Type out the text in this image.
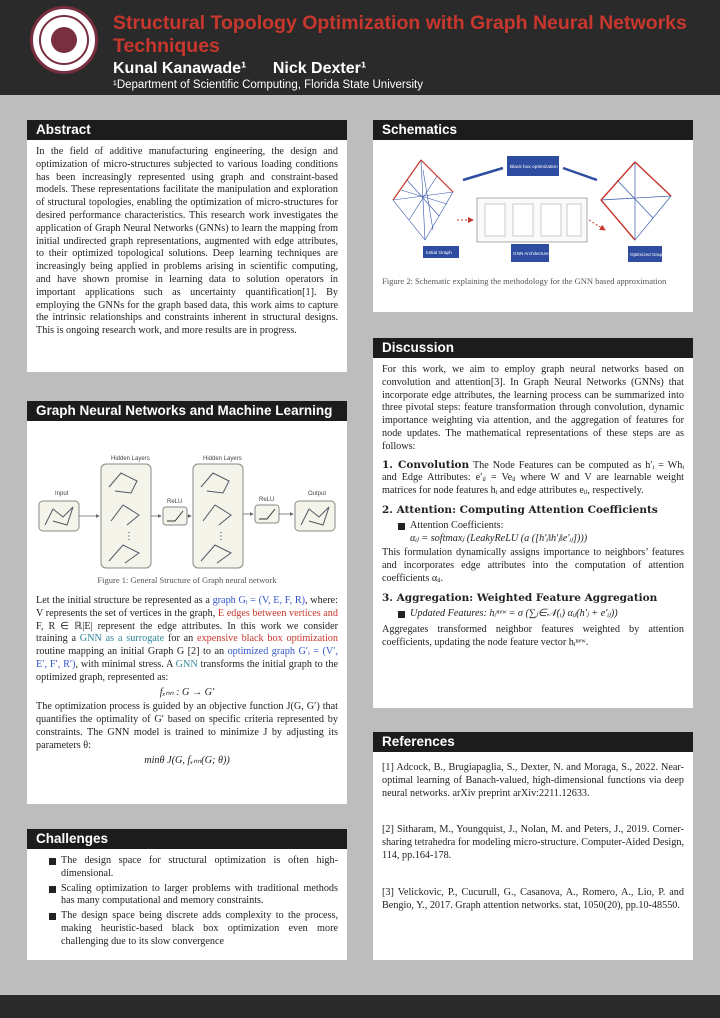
Structural Topology Optimization with Graph Neural Networks Techniques
Kunal Kanawade¹ Nick Dexter¹
¹Department of Scientific Computing, Florida State University
Abstract
In the field of additive manufacturing engineering, the design and optimization of micro-structures subjected to various loading conditions has been increasingly represented using graph and constraint-based models. These representations facilitate the manipulation and exploration of structural topologies, enabling the optimization of micro-structures for desired performance characteristics. This research work investigates the application of Graph Neural Networks (GNNs) to learn the mapping from initial undirected graph representations, augmented with edge attributes, to their optimized topological solutions. Deep learning techniques are increasingly being applied in problems arising in scientific computing, and have shown promise in learning data to solution operators in important applications such as uncertainty quantification[1]. By employing the GNNs for the graph based data, this work aims to capture the intrinsic relationships and constraints inherent in structural designs. This is ongoing research work, and more results are in progress.
Graph Neural Networks and Machine Learning
Input
Hidden Layers
ReLU
Hidden Layers
ReLU
Output
⋮	⋮
Figure 1: General Structure of Graph neural network
Let the initial structure be represented as a graph Gᵢ = (V, E, F, R), where: V represents the set of vertices in the graph, E edges between vertices and F, R ∈ ℝ|E| represent the edge attributes. In this work we consider training a GNN as a surrogate for an expensive black box optimization routine mapping an initial Graph G [2] to an optimized graph G′ᵢ = (V′, E′, F′, R′), with minimal stress. A GNN transforms the initial graph to the optimized graph, represented as:
fₓₙₙ : G → G′
The optimization process is guided by an objective function J(G, G′) that quantifies the optimality of G′ based on specific criteria represented by constraints. The GNN model is trained to minimize J by adjusting its parameters θ:
minθ J(G, fₓₙₙ(G; θ))
Challenges
The design space for structural optimization is often high-dimensional.
Scaling optimization to larger problems with traditional methods has many computational and memory constraints.
The design space being discrete adds complexity to the process, making heuristic-based black box optimization even more challenging due to its slow convergence
Schematics
Black box optimization
Initial Graph	GNN Architecture	Optimized Graph
Figure 2: Schematic explaining the methodology for the GNN based approximation
Discussion
For this work, we aim to employ graph neural networks based on convolution and attention[3]. In Graph Neural Networks (GNNs) that incorporate edge attributes, the learning process can be summarized into three pivotal steps: feature transformation through convolution, dynamic importance weighting via attention, and the aggregation of features for node updates. The mathematical representations of these steps are as follows:
1. Convolution The Node Features can be computed as h′ᵢ = Whᵢ and Edge Attributes: e′ᵢⱼ = Veᵢⱼ where W and V are learnable weight matrices for node features hᵢ and edge attributes eᵢⱼ, respectively.
2. Attention: Computing Attention Coefficients
Attention Coefficients:
αᵢⱼ = softmaxⱼ (LeakyReLU (a ([h′ᵢ‖h′ⱼ‖e′ᵢⱼ])))
This formulation dynamically assigns importance to neighbors’ features and incorporates edge attributes into the computation of attention coefficients αᵢⱼ.
3. Aggregation: Weighted Feature Aggregation
Updated Features: hᵢⁿᵉʷ = σ (∑ⱼ∈𝒩(ᵢ) αᵢⱼ(h′ⱼ + e′ᵢⱼ))
Aggregates transformed neighbor features weighted by attention coefficients, updating the node feature vector hᵢⁿᵉʷ.
References

[1] Adcock, B., Brugiapaglia, S., Dexter, N. and Moraga, S., 2022. Near-optimal learning of Banach-valued, high-dimensional functions via deep neural networks. arXiv preprint arXiv:2211.12633.

[2] Sitharam, M., Youngquist, J., Nolan, M. and Peters, J., 2019. Corner-sharing tetrahedra for modeling micro-structure. Computer-Aided Design, 114, pp.164-178.

[3] Velickovic, P., Cucurull, G., Casanova, A., Romero, A., Lio, P. and Bengio, Y., 2017. Graph attention networks. stat, 1050(20), pp.10-48550.
